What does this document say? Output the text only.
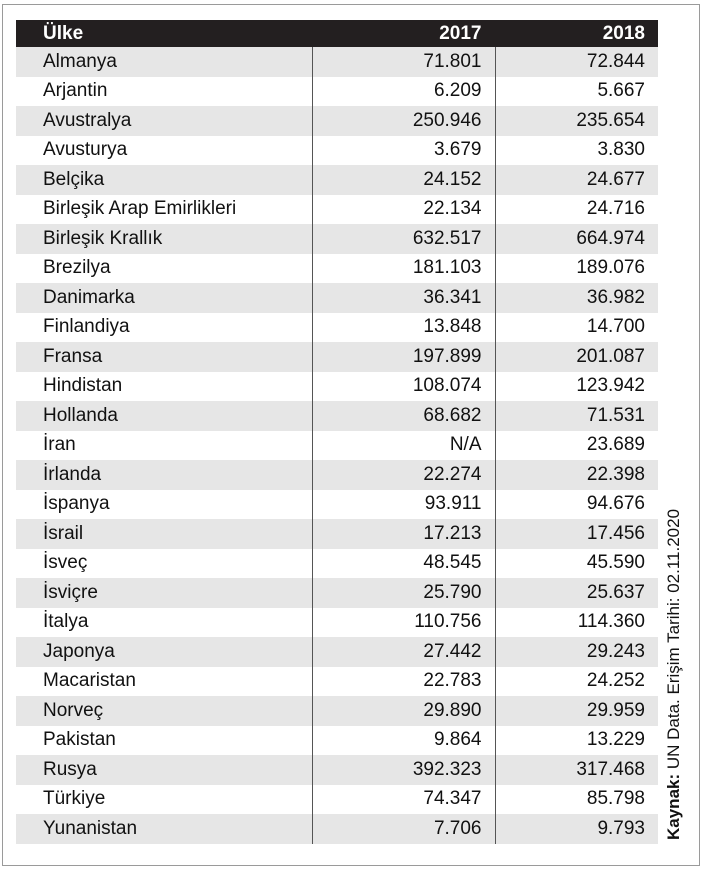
Ülke	2017	2018
Almanya	71.801	72.844
Arjantin	6.209	5.667
Avustralya	250.946	235.654
Avusturya	3.679	3.830
Belçika	24.152	24.677
Birleşik Arap Emirlikleri	22.134	24.716
Birleşik Krallık	632.517	664.974
Brezilya	181.103	189.076
Danimarka	36.341	36.982
Finlandiya	13.848	14.700
Fransa	197.899	201.087
Hindistan	108.074	123.942
Hollanda	68.682	71.531
İran	N/A	23.689
İrlanda	22.274	22.398
İspanya	93.911	94.676
İsrail	17.213	17.456
İsveç	48.545	45.590
İsviçre	25.790	25.637
İtalya	110.756	114.360
Japonya	27.442	29.243
Macaristan	22.783	24.252
Norveç	29.890	29.959
Pakistan	9.864	13.229
Rusya	392.323	317.468
Türkiye	74.347	85.798
Yunanistan	7.706	9.793 Kaynak: UN Data. Erişim Tarihi: 02.11.2020
